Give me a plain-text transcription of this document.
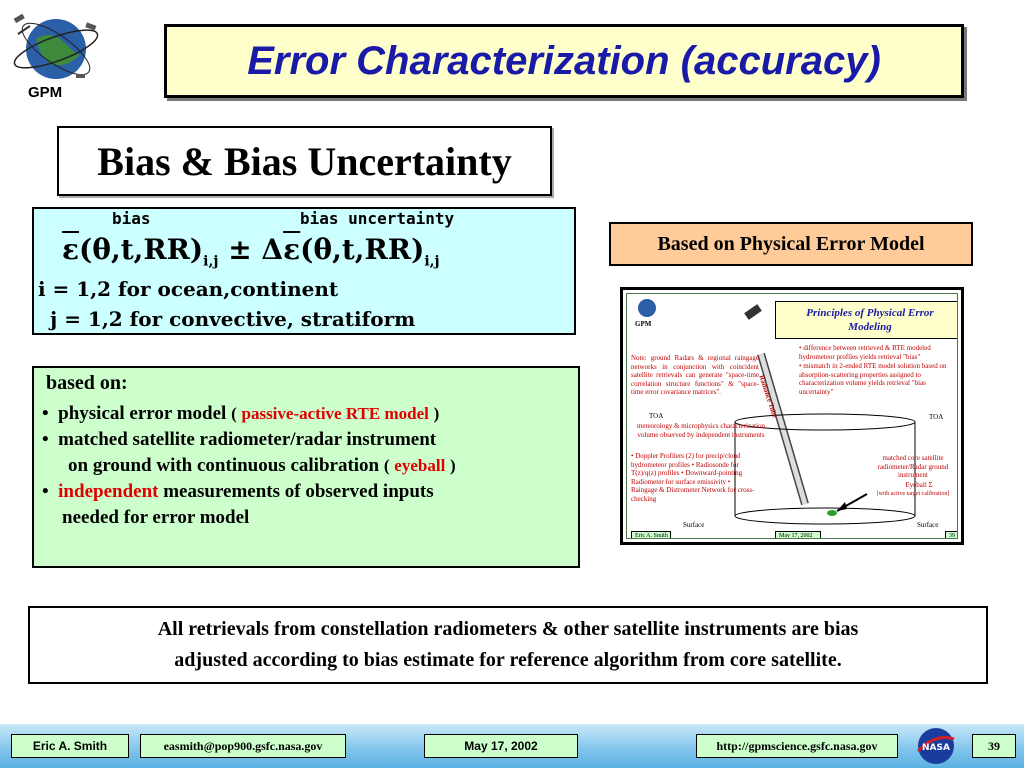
GPM
Error Characterization (accuracy)
Bias & Bias Uncertainty
bias	bias uncertainty
$\overline{\varepsilon}(\theta,t,RR)_{i,j} \pm \Delta\overline{\varepsilon}(\theta,t,RR)_{i,j}$
i = 1,2 for ocean,continent
j = 1,2 for convective, stratiform
Based on Physical Error Model
based on:
• physical error model ( passive-active RTE model )
• matched satellite radiometer/radar instrument
on ground with continuous calibration ( eyeball )
• independent measurements of observed inputs
needed for error model
GPM
Principles of Physical Error
Modeling
• difference between retrieved & RTE modeled hydrometeor profiles yields retrieval "bias"
• mismatch in 2-ended RTE model solution based on absorption-scattering properties assigned to characterization volume yields retrieval "bias uncertainty"
Note: ground Radars & regional raingage networks in conjunction with coincident satellite retrievals can generate "space-time correlation structure functions" & "space-time error covariance matrices".
TOA	TOA
Radiance Tube
meteorology & microphysics characterization volume observed by independent instruments
• Doppler Profilers (2) for precip/cloud hydrometeor profiles • Radiosonde for T(z)/q(z) profiles • Downward-pointing Radiometer for surface emissivity • Raingage & Distrometer Network for cross-checking
matched core satellite radiometer/Radar ground instrument
Eyeball Σ
[with active target calibration]
Surface	Surface
Eric A. Smith	May 17, 2002	39
All retrievals from constellation radiometers & other satellite instruments are bias
adjusted according to bias estimate for reference algorithm from core satellite.
Eric A. Smith	easmith@pop900.gsfc.nasa.gov	May 17, 2002	http://gpmscience.gsfc.nasa.gov	NASA	39
